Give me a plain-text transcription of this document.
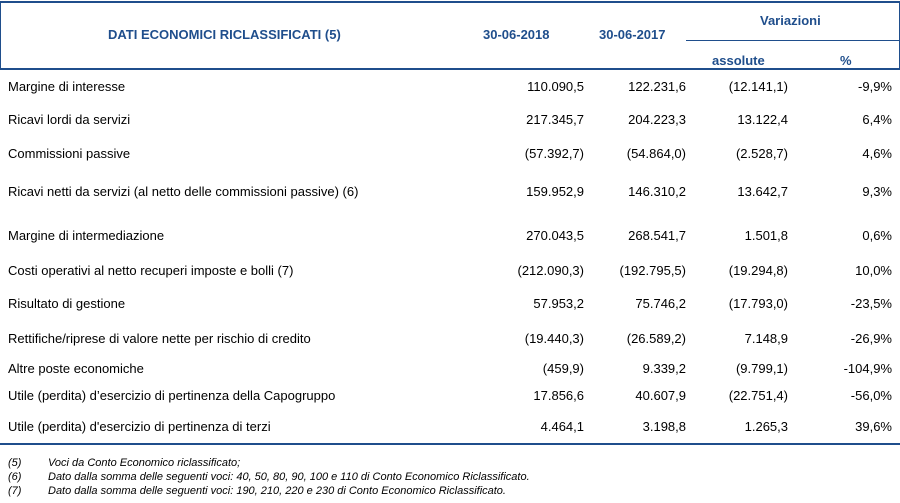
DATI ECONOMICI RICLASSIFICATI (5)	30-06-2018	30-06-2017
Variazioni
assolute	%
Margine di interesse	110.090,5	122.231,6	(12.141,1)	-9,9%
Ricavi lordi da servizi	217.345,7	204.223,3	13.122,4	6,4%
Commissioni passive	(57.392,7)	(54.864,0)	(2.528,7)	4,6%
Ricavi netti da servizi (al netto delle commissioni passive) (6)	159.952,9	146.310,2	13.642,7	9,3%
Margine di intermediazione	270.043,5	268.541,7	1.501,8	0,6%
Costi operativi al netto recuperi imposte e bolli (7)	(212.090,3)	(192.795,5)	(19.294,8)	10,0%
Risultato di gestione	57.953,2	75.746,2	(17.793,0)	-23,5%
Rettifiche/riprese di valore nette per rischio di credito	(19.440,3)	(26.589,2)	7.148,9	-26,9%
Altre poste economiche	(459,9)	9.339,2	(9.799,1)	-104,9%
Utile (perdita) d’esercizio di pertinenza della Capogruppo	17.856,6	40.607,9	(22.751,4)	-56,0%
Utile (perdita) d'esercizio di pertinenza di terzi	4.464,1	3.198,8	1.265,3	39,6%
(5) Voci da Conto Economico riclassificato;
(6) Dato dalla somma delle seguenti voci: 40, 50, 80, 90, 100 e 110 di Conto Economico Riclassificato.
(7) Dato dalla somma delle seguenti voci: 190, 210, 220 e 230 di Conto Economico Riclassificato.
